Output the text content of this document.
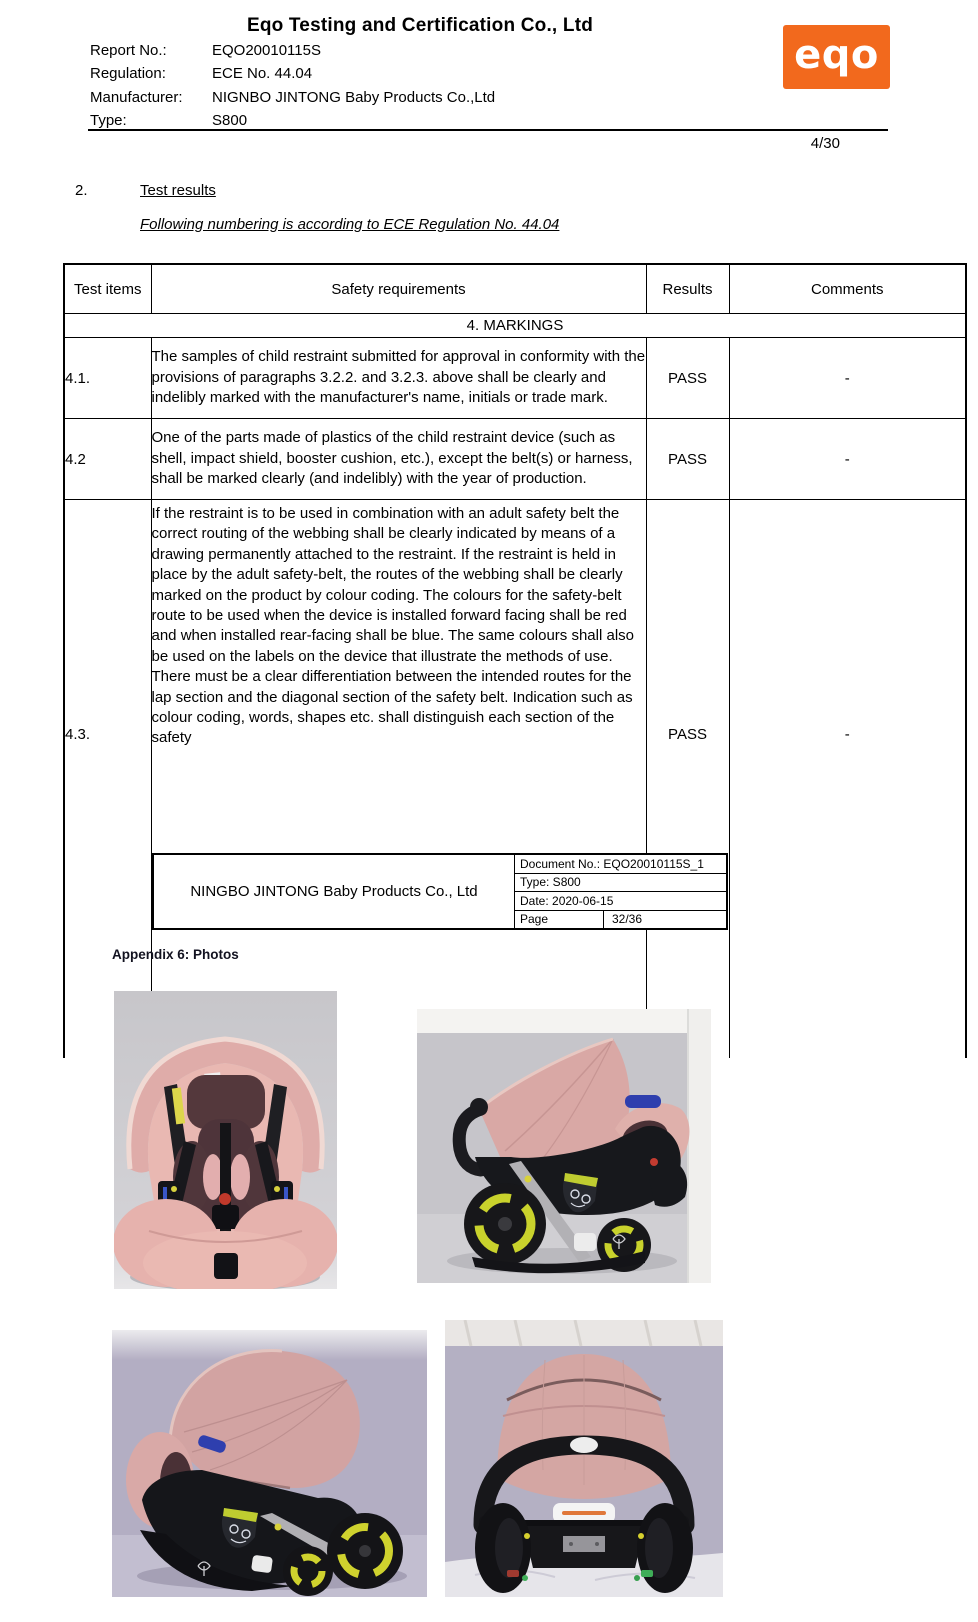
Eqo Testing and Certification Co., Ltd
Report No.:	EQO20010115S
Regulation:	ECE No. 44.04
Manufacturer:	NIGNBO JINTONG Baby Products Co.,Ltd
Type:	S800
eqo
4/30
2.	Test results
Following numbering is according to ECE Regulation No. 44.04
Test items	Safety requirements	Results	Comments
4. MARKINGS			
4.1.	The samples of child restraint submitted for approval in conformity with the provisions of paragraphs 3.2.2. and 3.2.3. above shall be clearly and indelibly marked with the manufacturer's name, initials or trade mark.	PASS	-
4.2	One of the parts made of plastics of the child restraint device (such as shell, impact shield, booster cushion, etc.), except the belt(s) or harness, shall be marked clearly (and indelibly) with the year of production.	PASS	-
4.3.	If the restraint is to be used in combination with an adult safety belt the correct routing of the webbing shall be clearly indicated by means of a drawing permanently attached to the restraint. If the restraint is held in place by the adult safety-belt, the routes of the webbing shall be clearly marked on the product by colour coding. The colours for the safety-belt route to be used when the device is installed forward facing shall be red and when installed rear-facing shall be blue. The same colours shall also be used on the labels on the device that illustrate the methods of use.
There must be a clear differentiation between the intended routes for the lap section and the diagonal section of the safety belt. Indication such as colour coding, words, shapes etc. shall distinguish each section of the safety	PASS	-
NINGBO JINTONG Baby Products Co., Ltd
Document No.: EQO20010115S_1
Type: S800
Date: 2020-06-15
Page	32/36
Appendix 6: Photos
